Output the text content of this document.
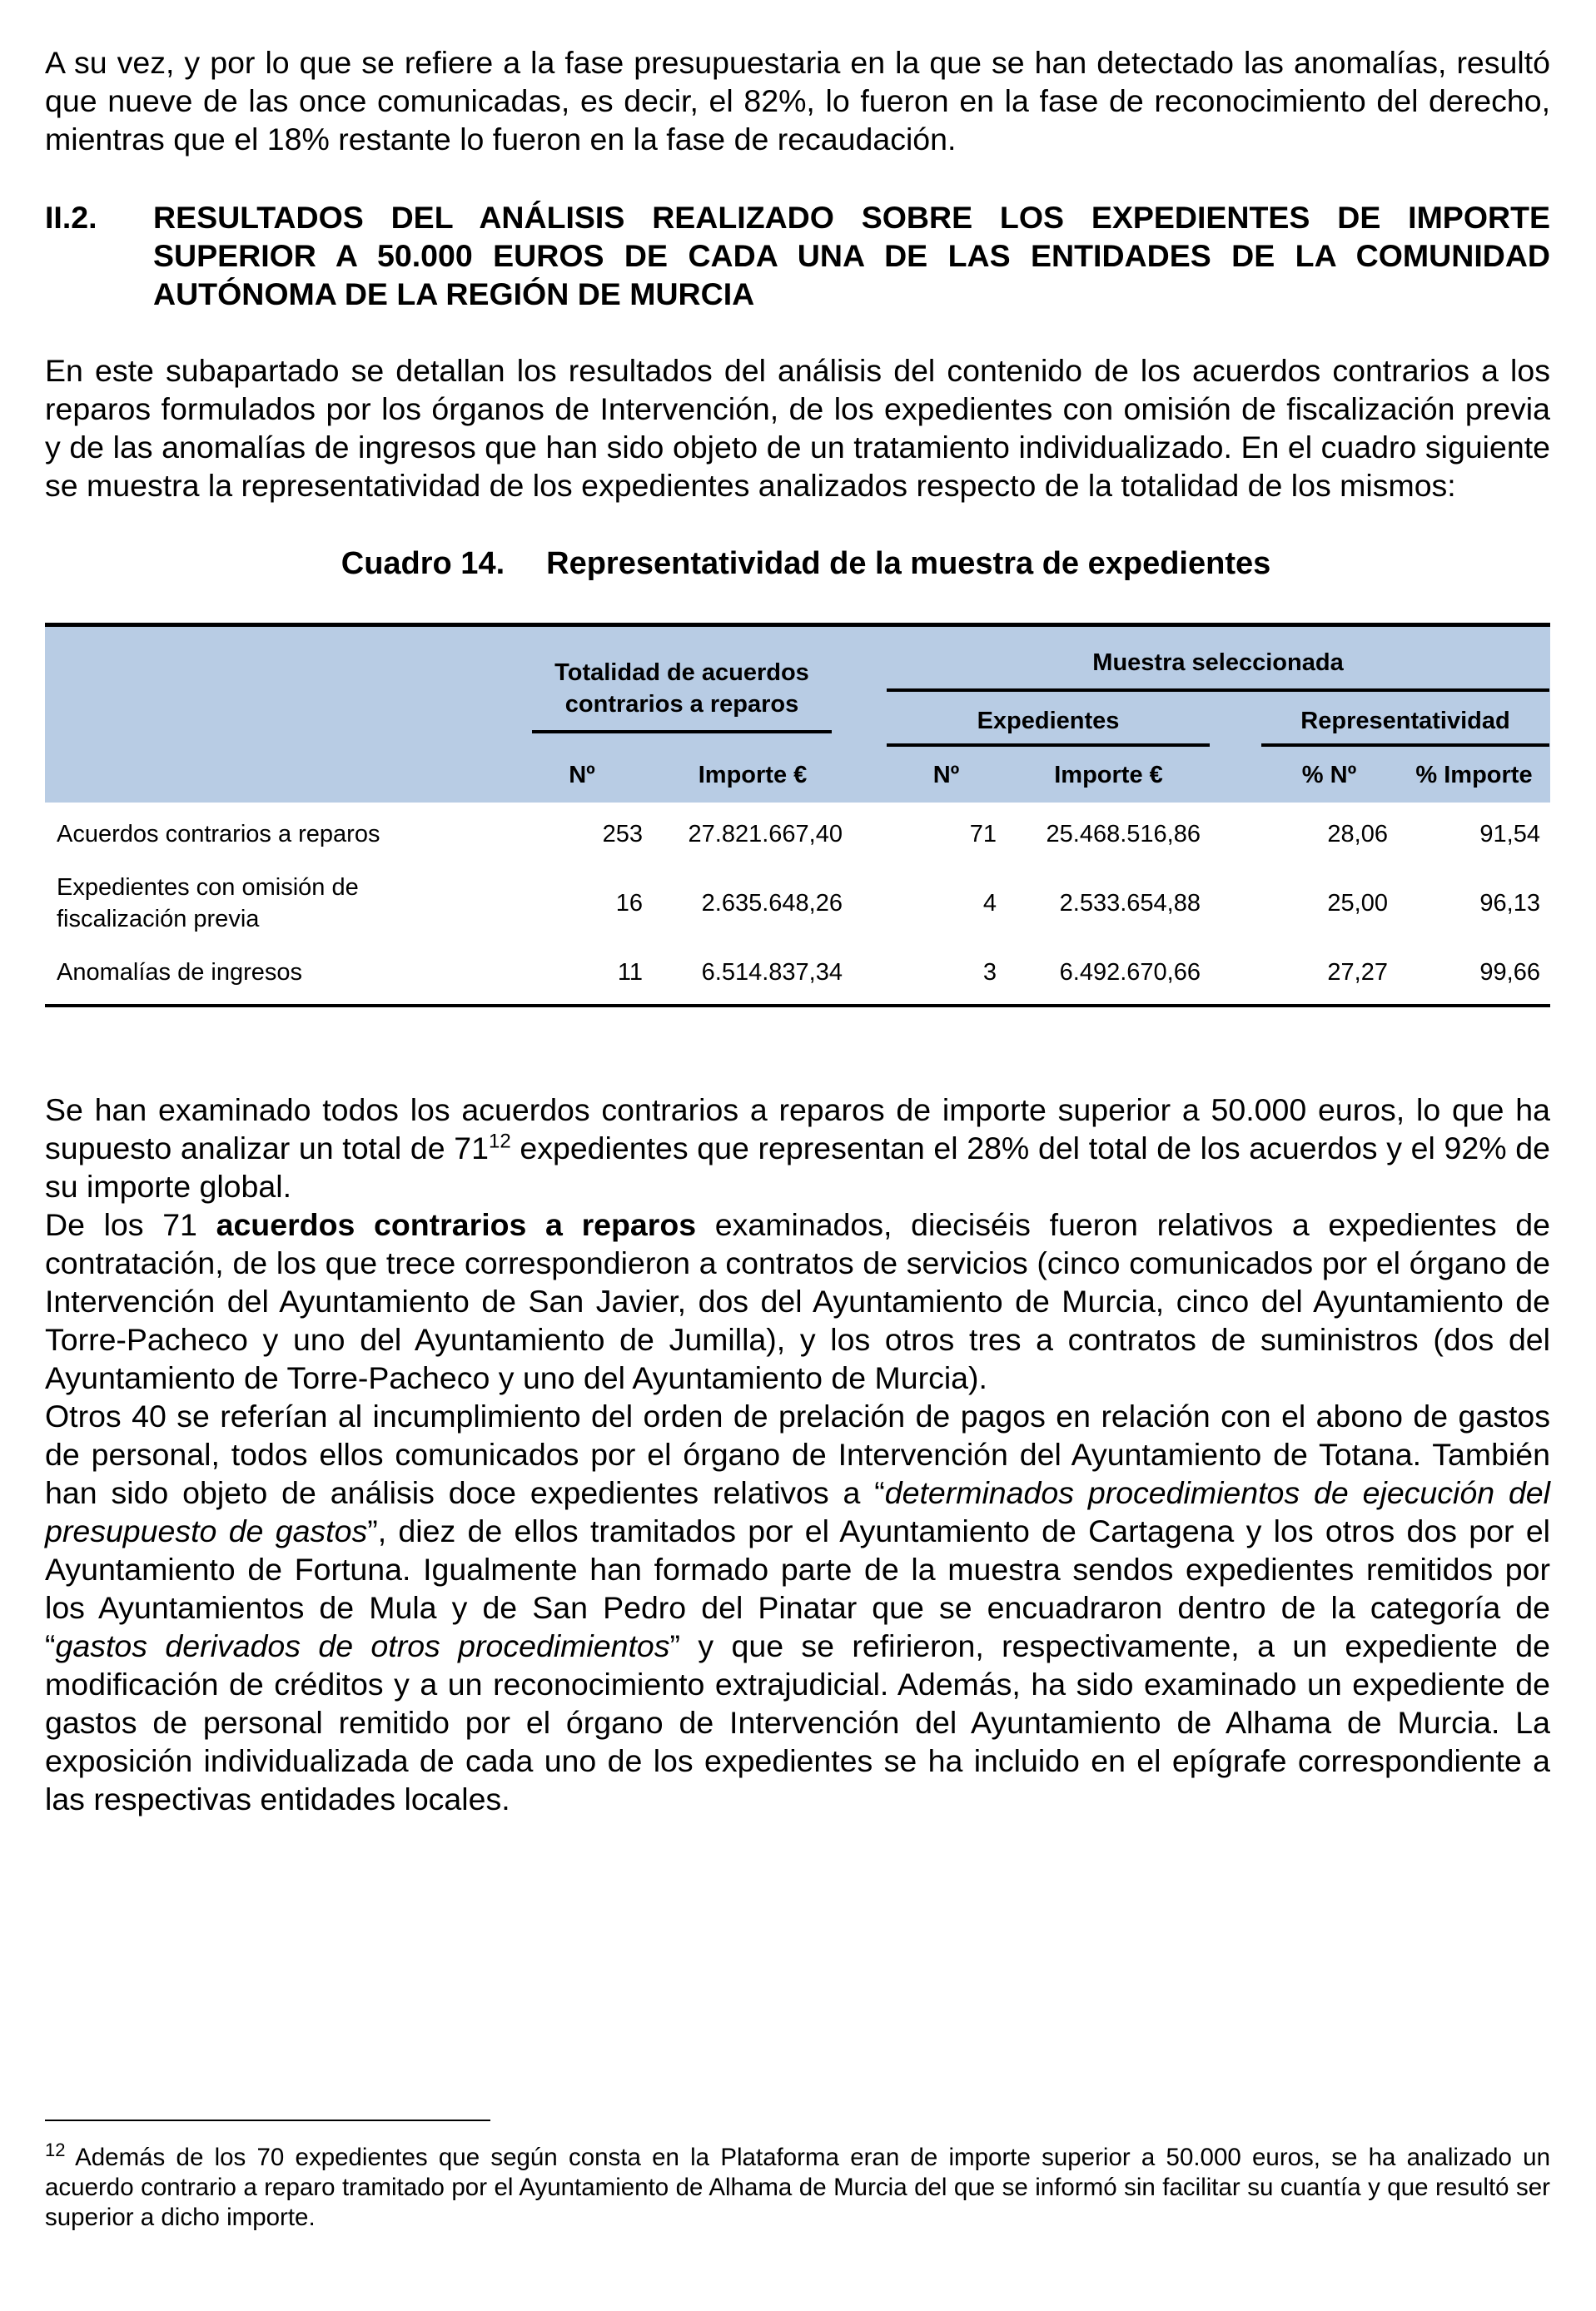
A su vez, y por lo que se refiere a la fase presupuestaria en la que se han detectado las anomalías, resultó que nueve de las once comunicadas, es decir, el 82%, lo fueron en la fase de reconocimiento del derecho, mientras que el 18% restante lo fueron en la fase de recaudación.

II.2.	RESULTADOS DEL ANÁLISIS REALIZADO SOBRE LOS EXPEDIENTES DE IMPORTE SUPERIOR A 50.000 EUROS DE CADA UNA DE LAS ENTIDADES DE LA COMUNIDAD AUTÓNOMA DE LA REGIÓN DE MURCIA

En este subapartado se detallan los resultados del análisis del contenido de los acuerdos contrarios a los reparos formulados por los órganos de Intervención, de los expedientes con omisión de fiscalización previa y de las anomalías de ingresos que han sido objeto de un tratamiento individualizado. En el cuadro siguiente se muestra la representatividad de los expedientes analizados respecto de la totalidad de los mismos:

Cuadro 14. Representatividad de la muestra de expedientes

	Totalidad de acuerdos contrarios a reparos			Muestra seleccionada				

				Expedientes			Representatividad	

	Nº	Importe €		Nº	Importe €		% Nº	% Importe
Acuerdos contrarios a reparos	253	27.821.667,40		71	25.468.516,86		28,06	91,54
Expedientes con omisión de fiscalización previa	16	2.635.648,26		4	2.533.654,88		25,00	96,13
Anomalías de ingresos	11	6.514.837,34		3	6.492.670,66		27,27	99,66

Se han examinado todos los acuerdos contrarios a reparos de importe superior a 50.000 euros, lo que ha supuesto analizar un total de 71$^{12}$ expedientes que representan el 28% del total de los acuerdos y el 92% de su importe global.

De los 71 acuerdos contrarios a reparos examinados, dieciséis fueron relativos a expedientes de contratación, de los que trece correspondieron a contratos de servicios (cinco comunicados por el órgano de Intervención del Ayuntamiento de San Javier, dos del Ayuntamiento de Murcia, cinco del Ayuntamiento de Torre-Pacheco y uno del Ayuntamiento de Jumilla), y los otros tres a contratos de suministros (dos del Ayuntamiento de Torre-Pacheco y uno del Ayuntamiento de Murcia).

Otros 40 se referían al incumplimiento del orden de prelación de pagos en relación con el abono de gastos de personal, todos ellos comunicados por el órgano de Intervención del Ayuntamiento de Totana. También han sido objeto de análisis doce expedientes relativos a “determinados procedimientos de ejecución del presupuesto de gastos”, diez de ellos tramitados por el Ayuntamiento de Cartagena y los otros dos por el Ayuntamiento de Fortuna. Igualmente han formado parte de la muestra sendos expedientes remitidos por los Ayuntamientos de Mula y de San Pedro del Pinatar que se encuadraron dentro de la categoría de “gastos derivados de otros procedimientos” y que se refirieron, respectivamente, a un expediente de modificación de créditos y a un reconocimiento extrajudicial. Además, ha sido examinado un expediente de gastos de personal remitido por el órgano de Intervención del Ayuntamiento de Alhama de Murcia. La exposición individualizada de cada uno de los expedientes se ha incluido en el epígrafe correspondiente a las respectivas entidades locales.

$^{12}$ Además de los 70 expedientes que según consta en la Plataforma eran de importe superior a 50.000 euros, se ha analizado un acuerdo contrario a reparo tramitado por el Ayuntamiento de Alhama de Murcia del que se informó sin facilitar su cuantía y que resultó ser superior a dicho importe.
